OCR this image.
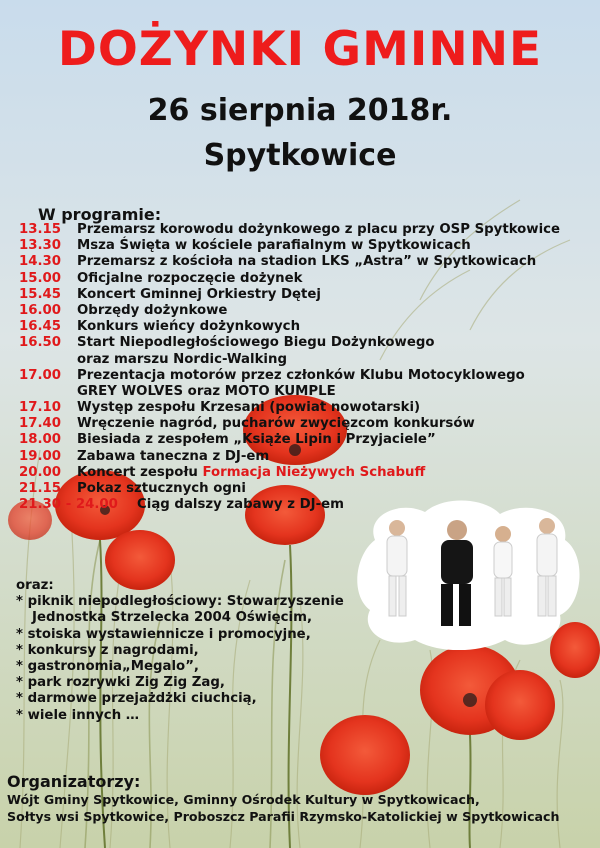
DOŻYNKI GMINNE
26 sierpnia 2018r.
Spytkowice
W programie:
13.15 Przemarsz korowodu dożynkowego z placu przy OSP Spytkowice
13.30 Msza Święta w kościele parafialnym w Spytkowicach
14.30 Przemarsz z kościoła na stadion LKS „Astra” w Spytkowicach
15.00 Oficjalne rozpoczęcie dożynek
15.45 Koncert Gminnej Orkiestry Dętej
16.00 Obrzędy dożynkowe
16.45 Konkurs wieńcy dożynkowych
16.50 Start Niepodległościowego Biegu Dożynkowego
oraz marszu Nordic-Walking
17.00 Prezentacja motorów przez członków Klubu Motocyklowego
GREY WOLVES oraz MOTO KUMPLE
17.10 Występ zespołu Krzesani (powiat nowotarski)
17.40 Wręczenie nagród, pucharów zwycięzcom konkursów
18.00 Biesiada z zespołem „Książe Lipin i Przyjaciele”
19.00 Zabawa taneczna z DJ-em
20.00 Koncert zespołu Formacja Nieżywych Schabuff
21.15 Pokaz sztucznych ogni
21.30 - 24.00 Ciąg dalszy zabawy z DJ-em
oraz:
* piknik niepodległościowy: Stowarzyszenie
Jednostka Strzelecka 2004 Oświęcim,
* stoiska wystawiennicze i promocyjne,
* konkursy z nagrodami,
* gastronomia„Megalo”,
* park rozrywki Zig Zig Zag,
* darmowe przejażdżki ciuchcią,
* wiele innych …
Organizatorzy:
Wójt Gminy Spytkowice, Gminny Ośrodek Kultury w Spytkowicach,
Sołtys wsi Spytkowice, Proboszcz Parafii Rzymsko-Katolickiej w Spytkowicach
